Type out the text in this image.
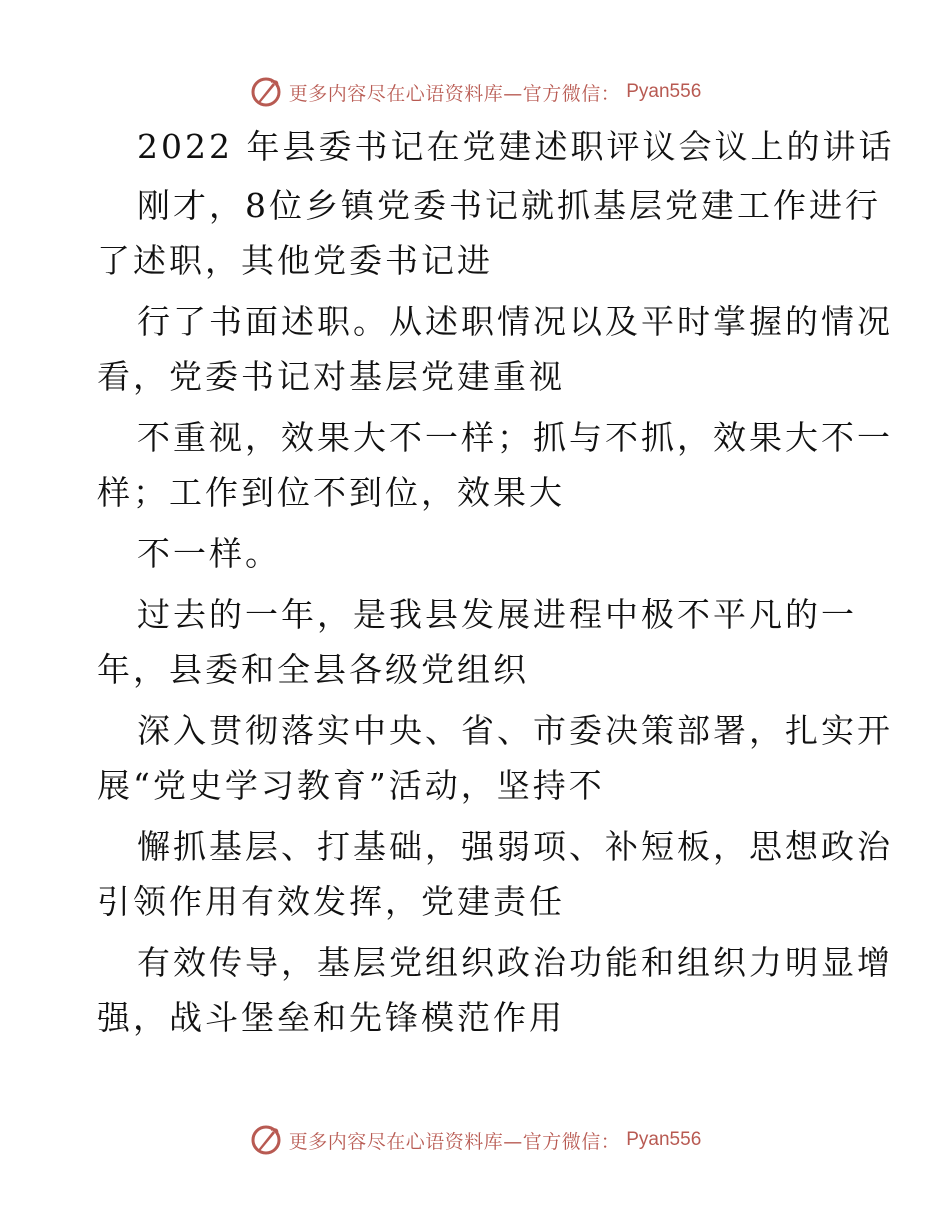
更多内容尽在心语资料库—官方微信： Pyan556
2022 年县委书记在党建述职评议会议上的讲话
刚才，8位乡镇党委书记就抓基层党建工作进行
了述职，其他党委书记进
行了书面述职。从述职情况以及平时掌握的情况
看，党委书记对基层党建重视
不重视，效果大不一样；抓与不抓，效果大不一
样；工作到位不到位，效果大
不一样。
过去的一年，是我县发展进程中极不平凡的一
年，县委和全县各级党组织
深入贯彻落实中央、省、市委决策部署，扎实开
展“党史学习教育”活动，坚持不
懈抓基层、打基础，强弱项、补短板，思想政治
引领作用有效发挥，党建责任
有效传导，基层党组织政治功能和组织力明显增
强，战斗堡垒和先锋模范作用
更多内容尽在心语资料库—官方微信： Pyan556
